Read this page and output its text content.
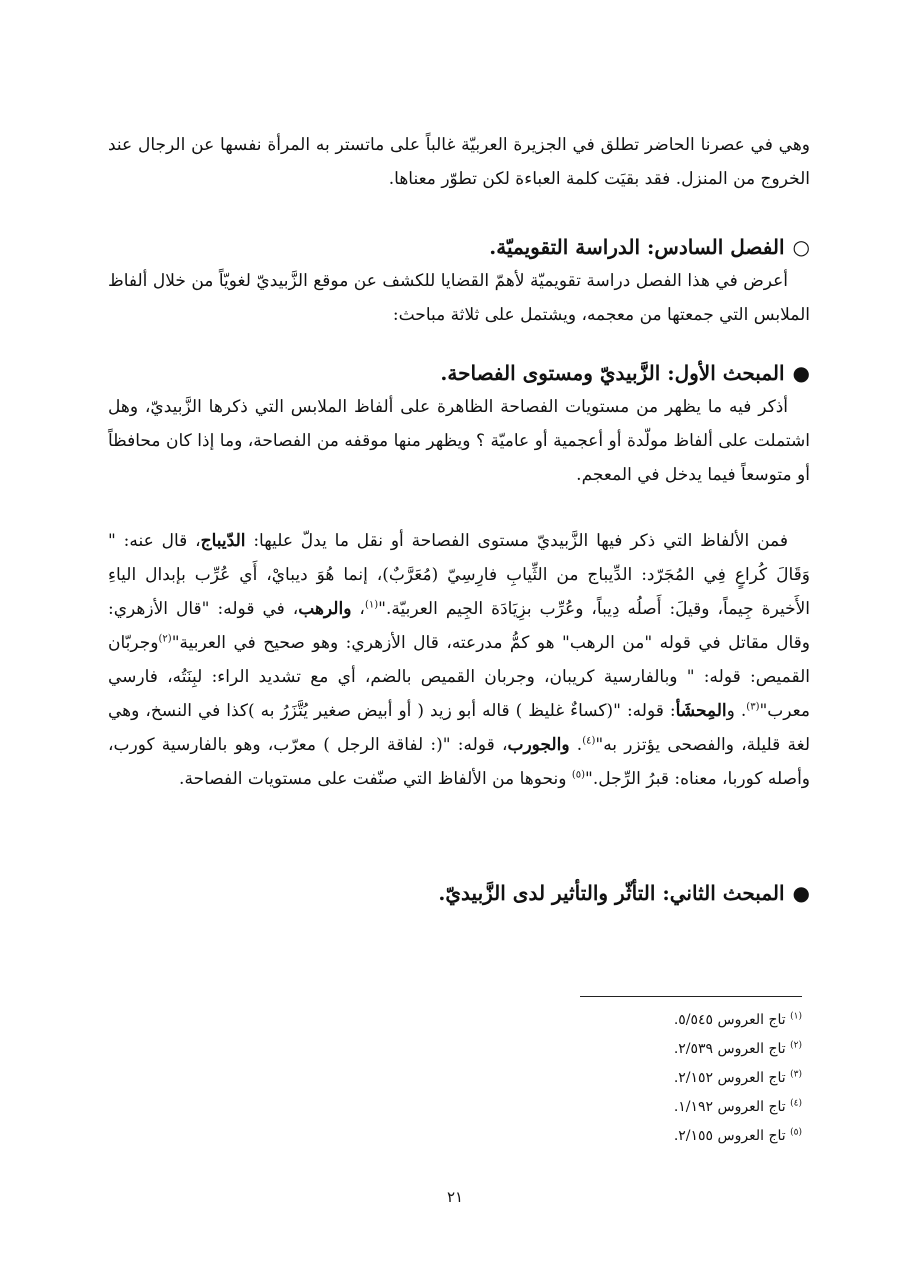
وهي في عصرنا الحاضر تطلق في الجزيرة العربيّة غالباً على ماتستر به المرأة نفسها عن الرجال عند الخروج من المنزل. فقد بقيَت كلمة العباءة لكن تطوّر معناها.

○الفصل السادس: الدراسة التقويميّة.

أعرض في هذا الفصل دراسة تقويميّة لأهمّ القضايا للكشف عن موقع الزَّبيديّ لغويّاً من خلال ألفاظ الملابس التي جمعتها من معجمه، ويشتمل على ثلاثة مباحث:

●المبحث الأول: الزَّبيديّ ومستوى الفصاحة.

أذكر فيه ما يظهر من مستويات الفصاحة الظاهرة على ألفاظ الملابس التي ذكرها الزَّبيديّ، وهل اشتملت على ألفاظ مولّدة أو أعجمية أو عاميّة ؟ ويظهر منها موقفه من الفصاحة، وما إذا كان محافظاً أو متوسعاً فيما يدخل في المعجم.

فمن الألفاظ التي ذكر فيها الزَّبيديّ مستوى الفصاحة أو نقل ما يدلّ عليها: الدّيباج، قال عنه: " وَقَالَ كُراعٍ فِي المُجَرّد: الدِّيباج من الثِّيابِ فارِسِيّ (مُعَرَّبٌ)، إنما هُوَ ديبايْ، أَي عُرِّب بإبدال الياءِ الأَخيرة جِيماً، وقيلَ: أَصلُه دِيباً، وعُرِّب بزِيَادَة الجِيم العربيّة."$^{(١)}$، والرهب، في قوله: "قال الأزهري: وقال مقاتل في قوله "من الرهب" هو كمُّ مدرعته، قال الأزهري: وهو صحيح في العربية"$^{(٢)}$وجربّان القميص: قوله: " وبالفارسية كريبان، وجربان القميص بالضم، أي مع تشديد الراء: لبِنَتُه، فارسي معرب"$^{(٣)}$. والمِحشَأ: قوله: "(كساءٌ غليظ ) قاله أبو زيد ( أو أبيض صغير يُتَّزَرُ به )كذا في النسخ، وهي لغة قليلة، والفصحى يؤتزر به"$^{(٤)}$. والجورب، قوله: "(: لفاقة الرجل ) معرّب، وهو بالفارسية كورب، وأصله كوربا، معناه: قبرُ الرِّجل."$^{(٥)}$ ونحوها من الألفاظ التي صنّفت على مستويات الفصاحة.

●المبحث الثاني: التأثّر والتأثير لدى الزَّبيديّ.

$^{(١)}$ تاج العروس ٥/٥٤٥.

$^{(٢)}$ تاج العروس ٢/٥٣٩.

$^{(٣)}$ تاج العروس ٢/١٥٢.

$^{(٤)}$ تاج العروس ١/١٩٢.

$^{(٥)}$ تاج العروس ٢/١٥٥.

٢١
